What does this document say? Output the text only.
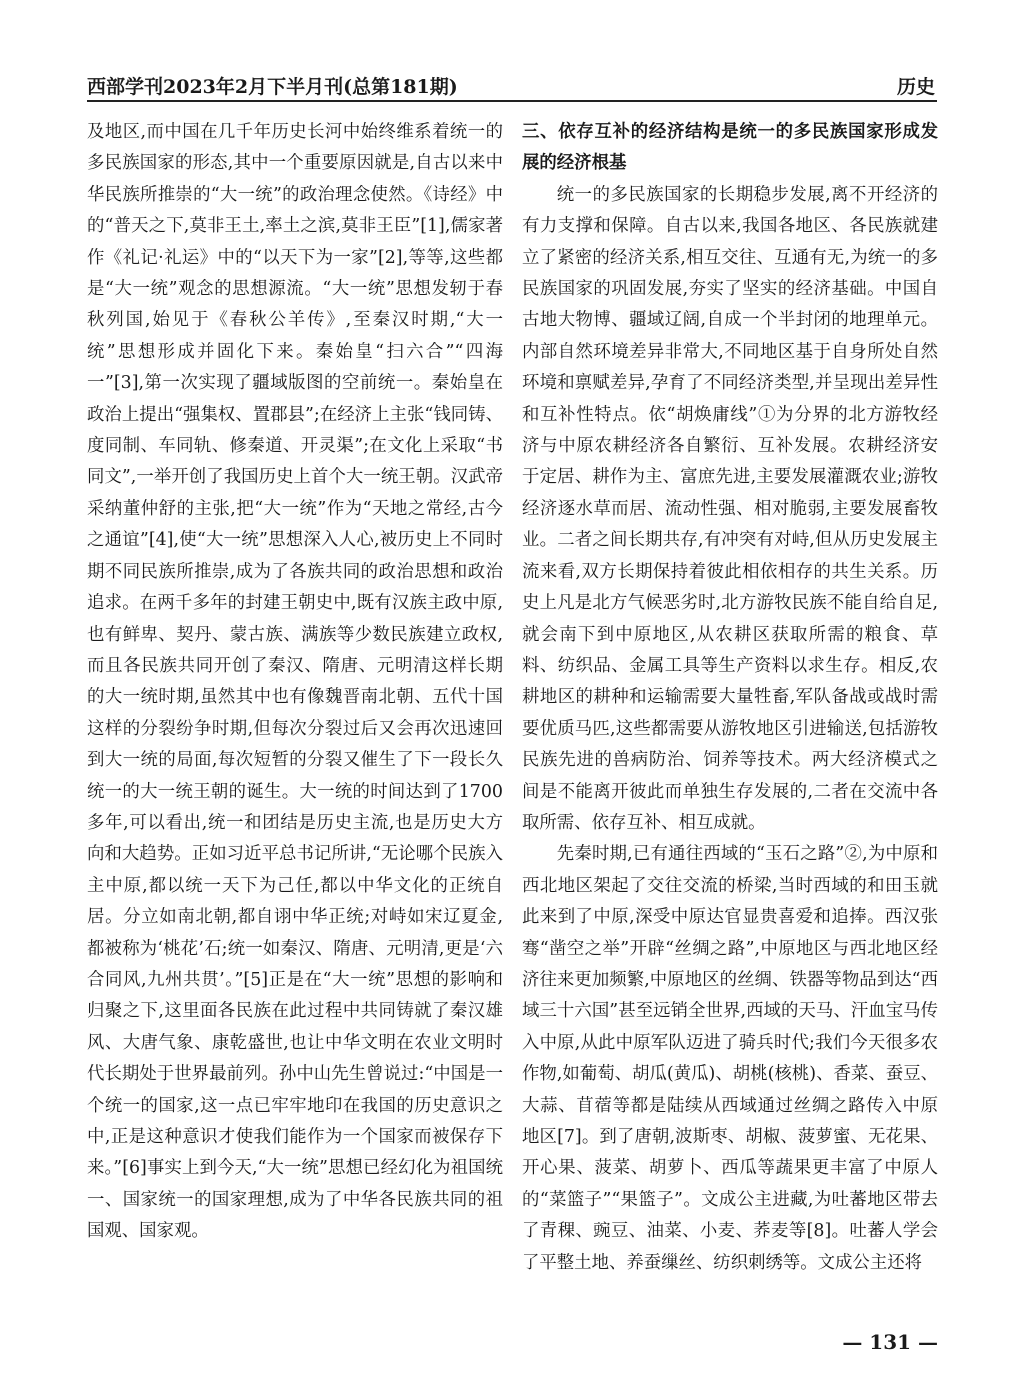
西部学刊2023年2月下半月刊(总第181期)	历史

及地区,而中国在几千年历史长河中始终维系着统一的多民族国家的形态,其中一个重要原因就是,自古以来中华民族所推崇的“大一统”的政治理念使然。《诗经》中的“普天之下,莫非王土,率土之滨,莫非王臣”[1],儒家著作《礼记·礼运》中的“以天下为一家”[2],等等,这些都是“大一统”观念的思想源流。“大一统”思想发轫于春秋列国,始见于《春秋公羊传》,至秦汉时期,“大一统”思想形成并固化下来。秦始皇“扫六合”“四海一”[3],第一次实现了疆域版图的空前统一。秦始皇在政治上提出“强集权、置郡县”;在经济上主张“钱同铸、度同制、车同轨、修秦道、开灵渠”;在文化上采取“书同文”,一举开创了我国历史上首个大一统王朝。汉武帝采纳董仲舒的主张,把“大一统”作为“天地之常经,古今之通谊”[4],使“大一统”思想深入人心,被历史上不同时期不同民族所推崇,成为了各族共同的政治思想和政治追求。在两千多年的封建王朝史中,既有汉族主政中原,也有鲜卑、契丹、蒙古族、满族等少数民族建立政权,而且各民族共同开创了秦汉、隋唐、元明清这样长期的大一统时期,虽然其中也有像魏晋南北朝、五代十国这样的分裂纷争时期,但每次分裂过后又会再次迅速回到大一统的局面,每次短暂的分裂又催生了下一段长久统一的大一统王朝的诞生。大一统的时间达到了1700多年,可以看出,统一和团结是历史主流,也是历史大方向和大趋势。正如习近平总书记所讲,“无论哪个民族入主中原,都以统一天下为己任,都以中华文化的正统自居。分立如南北朝,都自诩中华正统;对峙如宋辽夏金,都被称为‘桃花’石;统一如秦汉、隋唐、元明清,更是‘六合同风,九州共贯’。”[5]正是在“大一统”思想的影响和归聚之下,这里面各民族在此过程中共同铸就了秦汉雄风、大唐气象、康乾盛世,也让中华文明在农业文明时代长期处于世界最前列。孙中山先生曾说过:“中国是一个统一的国家,这一点已牢牢地印在我国的历史意识之中,正是这种意识才使我们能作为一个国家而被保存下来。”[6]事实上到今天,“大一统”思想已经幻化为祖国统一、国家统一的国家理想,成为了中华各民族共同的祖国观、国家观。

三、依存互补的经济结构是统一的多民族国家形成发展的经济根基

统一的多民族国家的长期稳步发展,离不开经济的有力支撑和保障。自古以来,我国各地区、各民族就建立了紧密的经济关系,相互交往、互通有无,为统一的多民族国家的巩固发展,夯实了坚实的经济基础。中国自古地大物博、疆域辽阔,自成一个半封闭的地理单元。内部自然环境差异非常大,不同地区基于自身所处自然环境和禀赋差异,孕育了不同经济类型,并呈现出差异性和互补性特点。依“胡焕庸线”①为分界的北方游牧经济与中原农耕经济各自繁衍、互补发展。农耕经济安于定居、耕作为主、富庶先进,主要发展灌溉农业;游牧经济逐水草而居、流动性强、相对脆弱,主要发展畜牧业。二者之间长期共存,有冲突有对峙,但从历史发展主流来看,双方长期保持着彼此相依相存的共生关系。历史上凡是北方气候恶劣时,北方游牧民族不能自给自足,就会南下到中原地区,从农耕区获取所需的粮食、草料、纺织品、金属工具等生产资料以求生存。相反,农耕地区的耕种和运输需要大量牲畜,军队备战或战时需要优质马匹,这些都需要从游牧地区引进输送,包括游牧民族先进的兽病防治、饲养等技术。两大经济模式之间是不能离开彼此而单独生存发展的,二者在交流中各取所需、依存互补、相互成就。

先秦时期,已有通往西域的“玉石之路”②,为中原和西北地区架起了交往交流的桥梁,当时西域的和田玉就此来到了中原,深受中原达官显贵喜爱和追捧。西汉张骞“凿空之举”开辟“丝绸之路”,中原地区与西北地区经济往来更加频繁,中原地区的丝绸、铁器等物品到达“西域三十六国”甚至远销全世界,西域的天马、汗血宝马传入中原,从此中原军队迈进了骑兵时代;我们今天很多农作物,如葡萄、胡瓜(黄瓜)、胡桃(核桃)、香菜、蚕豆、大蒜、苜蓿等都是陆续从西域通过丝绸之路传入中原地区[7]。到了唐朝,波斯枣、胡椒、菠萝蜜、无花果、开心果、菠菜、胡萝卜、西瓜等蔬果更丰富了中原人的“菜篮子”“果篮子”。文成公主进藏,为吐蕃地区带去了青稞、豌豆、油菜、小麦、荞麦等[8]。吐蕃人学会了平整土地、养蚕缫丝、纺织刺绣等。文成公主还将

— 131 —
